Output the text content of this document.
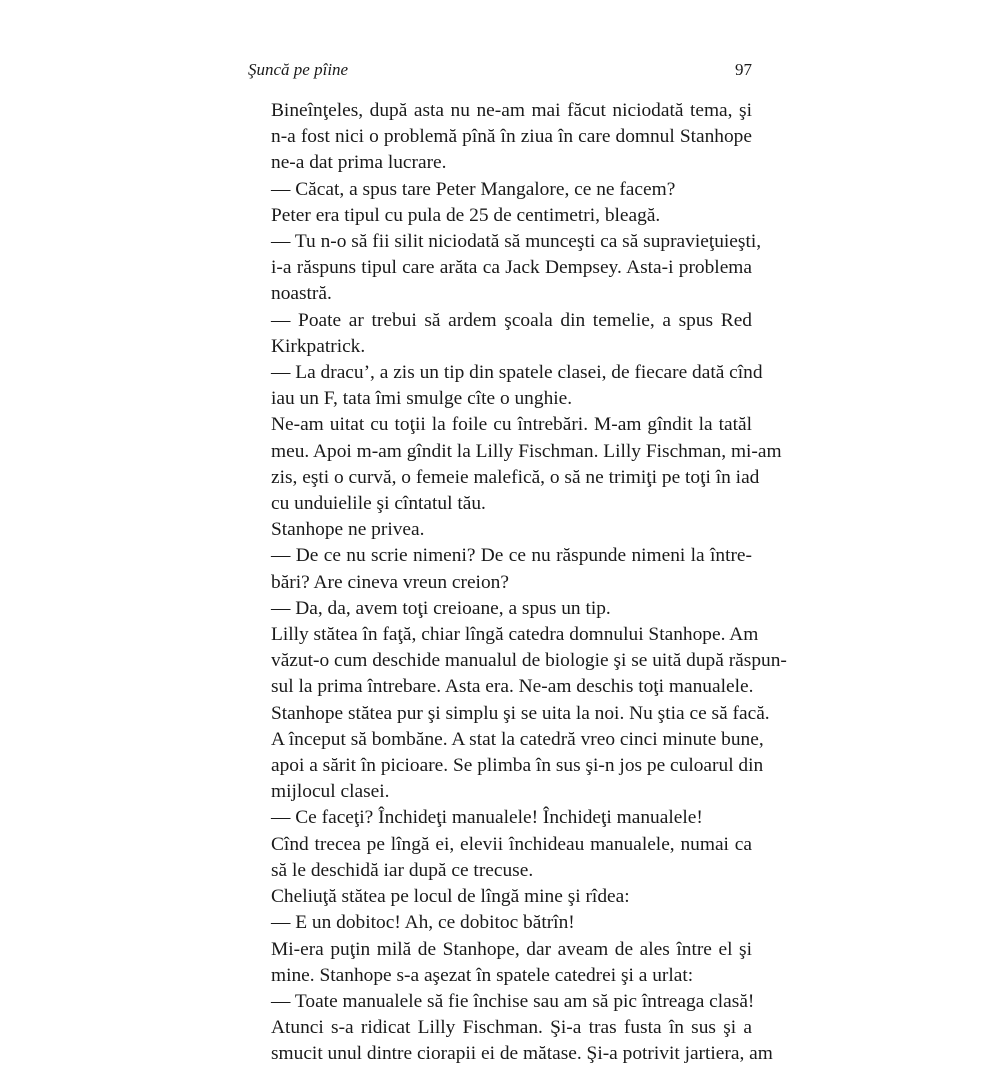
Şuncă pe pîine	97

Bineînţeles, după asta nu ne-am mai făcut niciodată tema, şi
n-a fost nici o problemă pînă în ziua în care domnul Stanhope
ne-a dat prima lucrare.

— Căcat, a spus tare Peter Mangalore, ce ne facem?

Peter era tipul cu pula de 25 de centimetri, bleagă.

— Tu n-o să fii silit niciodată să munceşti ca să supravieţuieşti,
i-a răspuns tipul care arăta ca Jack Dempsey. Asta-i problema
noastră.

— Poate ar trebui să ardem şcoala din temelie, a spus Red
Kirkpatrick.

— La dracu’, a zis un tip din spatele clasei, de fiecare dată cînd
iau un F, tata îmi smulge cîte o unghie.

Ne-am uitat cu toţii la foile cu întrebări. M-am gîndit la tatăl
meu. Apoi m-am gîndit la Lilly Fischman. Lilly Fischman, mi-am
zis, eşti o curvă, o femeie malefică, o să ne trimiţi pe toţi în iad
cu unduielile şi cîntatul tău.

Stanhope ne privea.

— De ce nu scrie nimeni? De ce nu răspunde nimeni la între-
bări? Are cineva vreun creion?

— Da, da, avem toţi creioane, a spus un tip.

Lilly stătea în faţă, chiar lîngă catedra domnului Stanhope. Am
văzut-o cum deschide manualul de biologie şi se uită după răspun-
sul la prima întrebare. Asta era. Ne-am deschis toţi manualele.
Stanhope stătea pur şi simplu şi se uita la noi. Nu ştia ce să facă.
A început să bombăne. A stat la catedră vreo cinci minute bune,
apoi a sărit în picioare. Se plimba în sus şi-n jos pe culoarul din
mijlocul clasei.

— Ce faceţi? Închideţi manualele! Închideţi manualele!

Cînd trecea pe lîngă ei, elevii închideau manualele, numai ca
să le deschidă iar după ce trecuse.

Cheliuţă stătea pe locul de lîngă mine şi rîdea:

— E un dobitoc! Ah, ce dobitoc bătrîn!

Mi-era puţin milă de Stanhope, dar aveam de ales între el şi
mine. Stanhope s-a aşezat în spatele catedrei şi a urlat:

— Toate manualele să fie închise sau am să pic întreaga clasă!

Atunci s-a ridicat Lilly Fischman. Şi-a tras fusta în sus şi a
smucit unul dintre ciorapii ei de mătase. Şi-a potrivit jartiera, am
